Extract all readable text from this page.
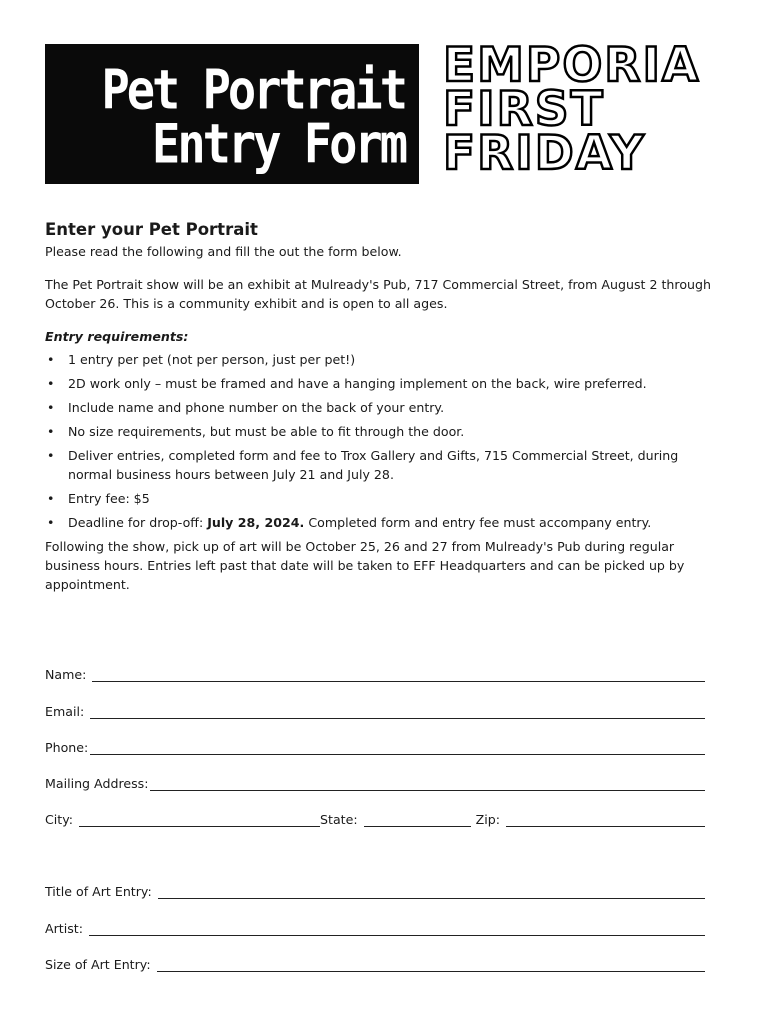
Pet Portrait
Entry Form
EMPORIA
FIRST
FRIDAY
Enter your Pet Portrait

Please read the following and fill the out the form below.

The Pet Portrait show will be an exhibit at Mulready's Pub, 717 Commercial Street, from August 2 through October 26. This is a community exhibit and is open to all ages.

Entry requirements:

• 1 entry per pet (not per person, just per pet!)
• 2D work only – must be framed and have a hanging implement on the back, wire preferred.
• Include name and phone number on the back of your entry.
• No size requirements, but must be able to fit through the door.
• Deliver entries, completed form and fee to Trox Gallery and Gifts, 715 Commercial Street, during normal business hours between July 21 and July 28.
• Entry fee: $5
• Deadline for drop-off: July 28, 2024. Completed form and entry fee must accompany entry.

Following the show, pick up of art will be October 25, 26 and 27 from Mulready's Pub during regular business hours. Entries left past that date will be taken to EFF Headquarters and can be picked up by appointment.

Name:
Email:
Phone:
Mailing Address:
City:	State:	Zip:
Title of Art Entry:
Artist:
Size of Art Entry:
